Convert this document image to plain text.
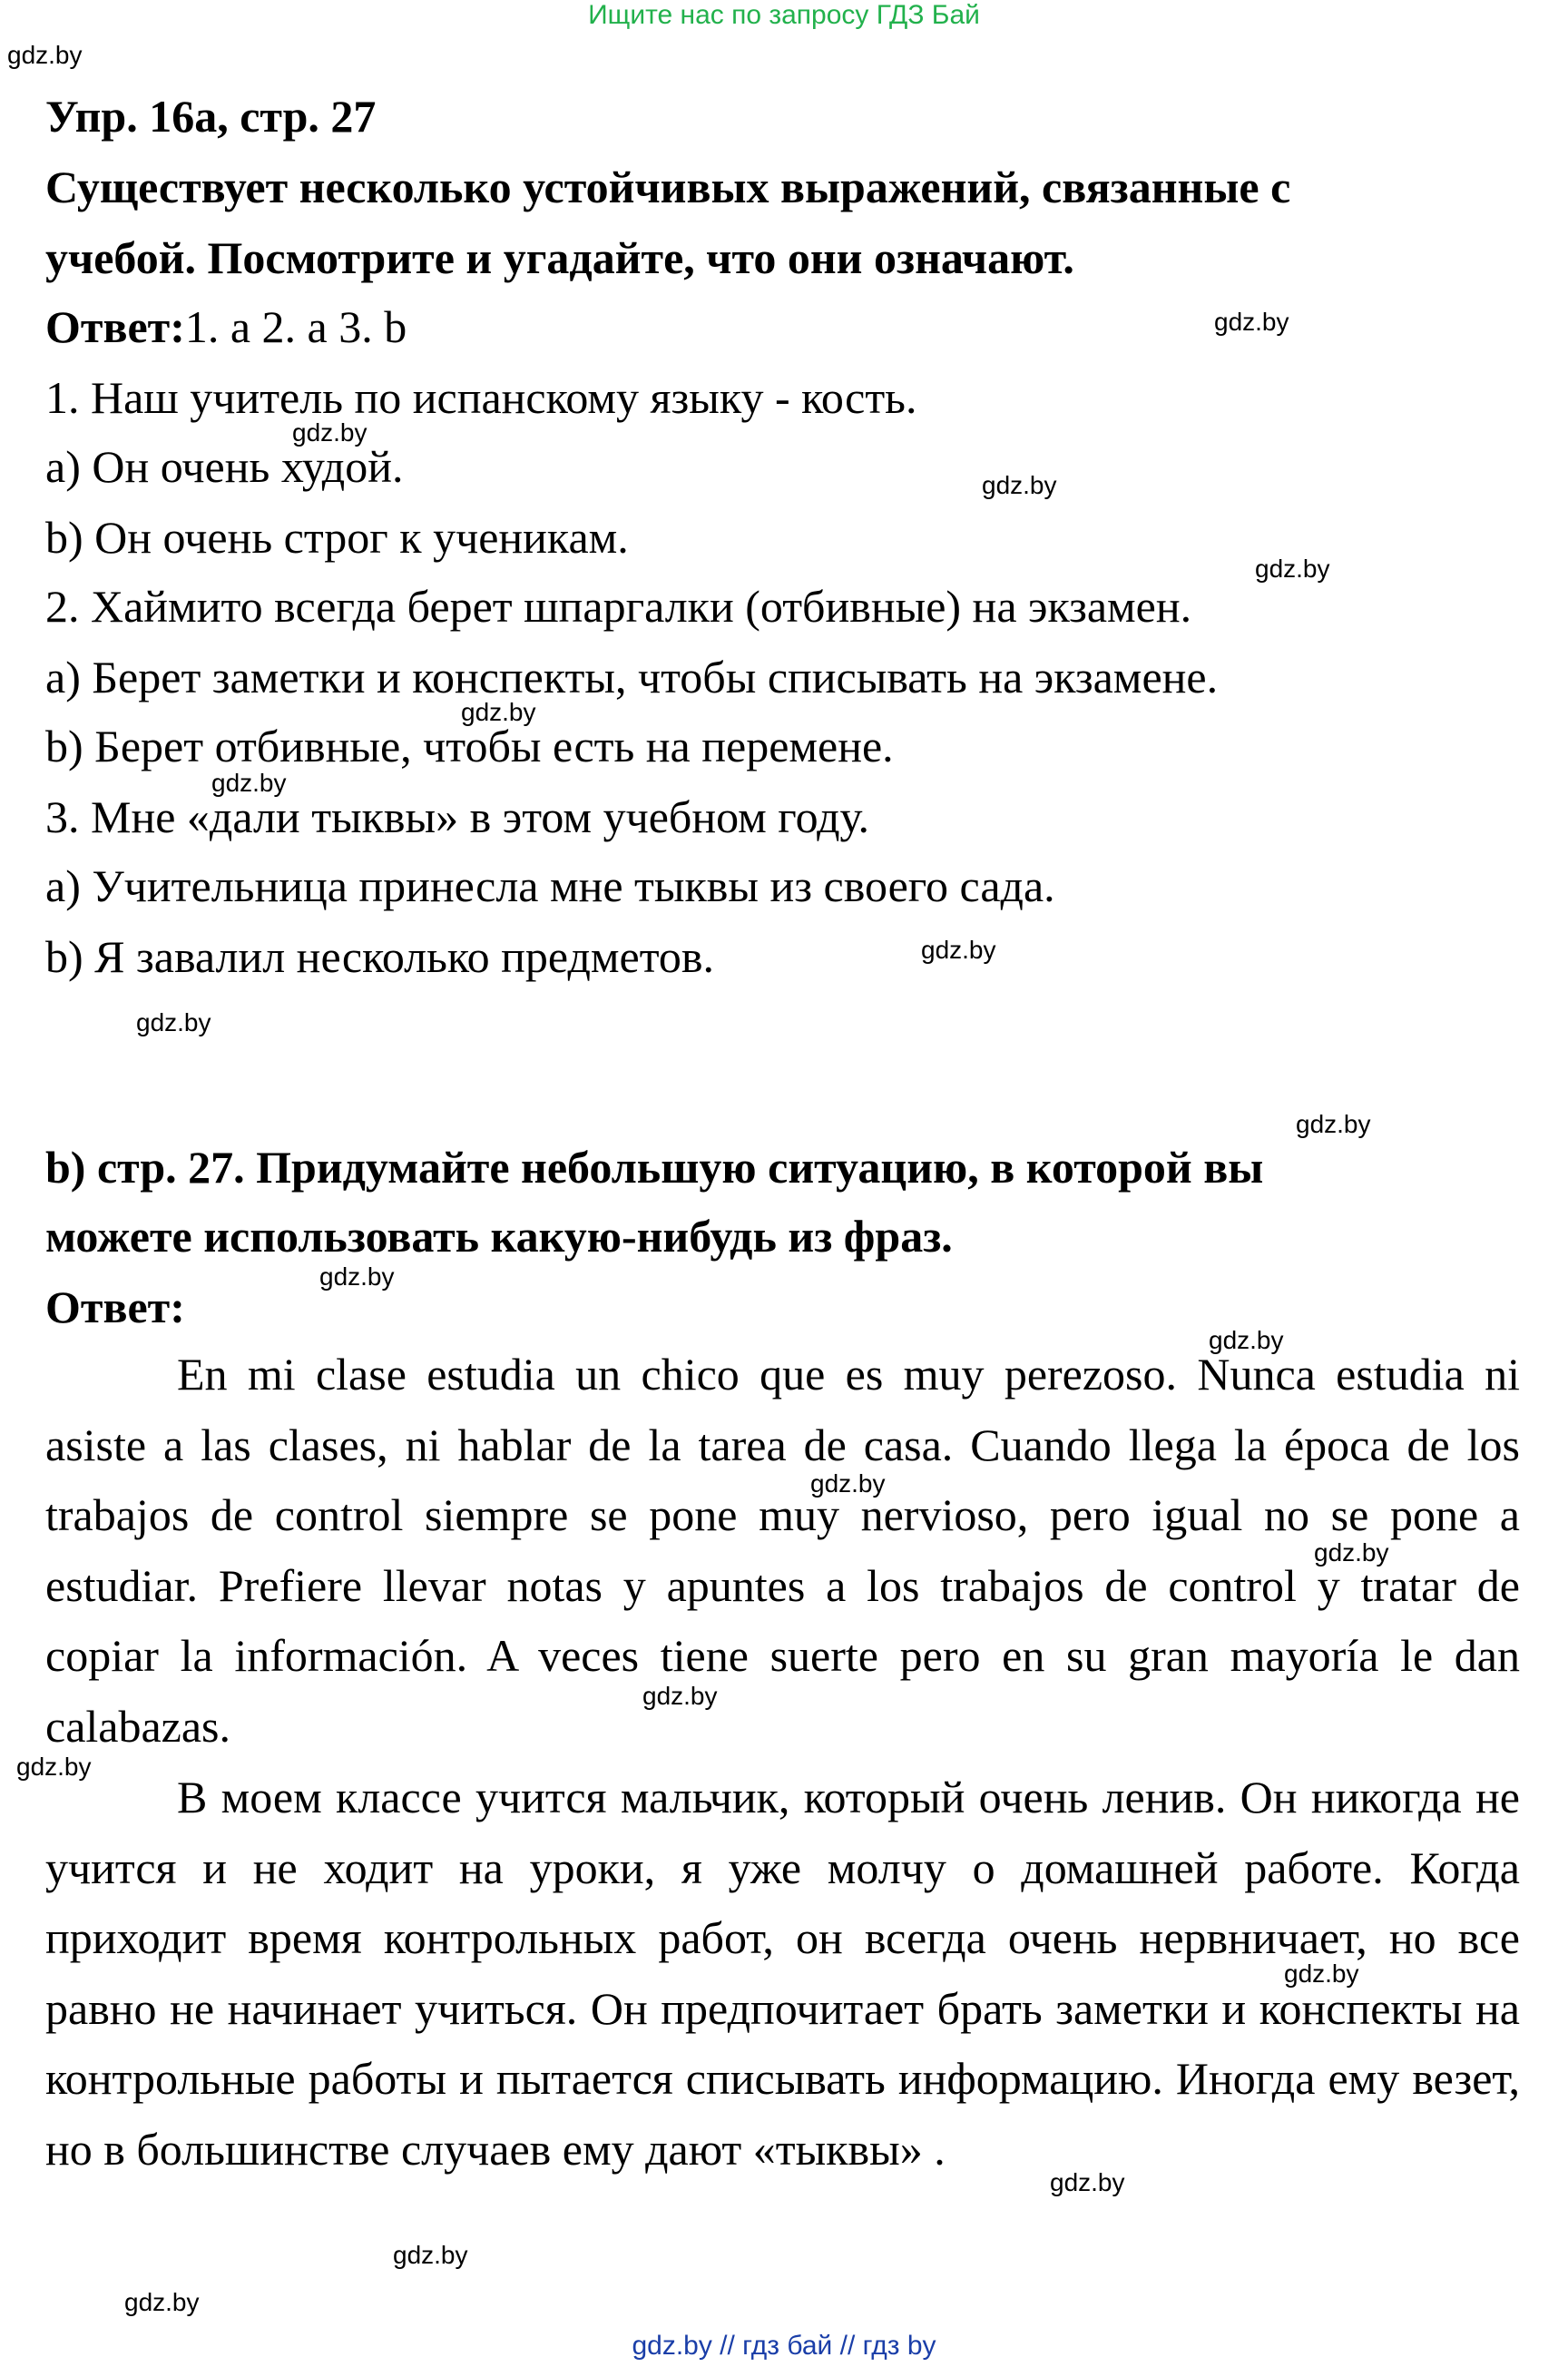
Ищите нас по запросу ГДЗ Бай
gdz.by
gdz.by
gdz.by
gdz.by
gdz.by
gdz.by
gdz.by
gdz.by
gdz.by
gdz.by
gdz.by
gdz.by
gdz.by
gdz.by
gdz.by
gdz.by
gdz.by
gdz.by
gdz.by
gdz.by
Упр. 16а, стр. 27
Существует несколько устойчивых выражений, связанные с
учебой. Посмотрите и угадайте, что они означают.
Ответ:1. a 2. a 3. b
1. Наш учитель по испанскому языку - кость.
a) Он очень худой.
b) Он очень строг к ученикам.
2. Хаймито всегда берет шпаргалки (отбивные) на экзамен.
a) Берет заметки и конспекты, чтобы списывать на экзамене.
b) Берет отбивные, чтобы есть на перемене.
3. Мне «дали тыквы» в этом учебном году.
a) Учительница принесла мне тыквы из своего сада.
b) Я завалил несколько предметов.
b) стр. 27. Придумайте небольшую ситуацию, в которой вы
можете использовать какую-нибудь из фраз.
Ответ:
En mi clase estudia un chico que es muy perezoso. Nunca estudia ni asiste a las clases, ni hablar de la tarea de casa. Cuando llega la época de los trabajos de control siempre se pone muy nervioso, pero igual no se pone a estudiar. Prefiere llevar notas y apuntes a los trabajos de control y tratar de copiar la información. A veces tiene suerte pero en su gran mayoría le dan calabazas.
В моем классе учится мальчик, который очень ленив. Он никогда не учится и не ходит на уроки, я уже молчу о домашней работе. Когда приходит время контрольных работ, он всегда очень нервничает, но все равно не начинает учиться. Он предпочитает брать заметки и конспекты на контрольные работы и пытается списывать информацию. Иногда ему везет, но в большинстве случаев ему дают «тыквы» .
gdz.by // гдз бай // гдз by
